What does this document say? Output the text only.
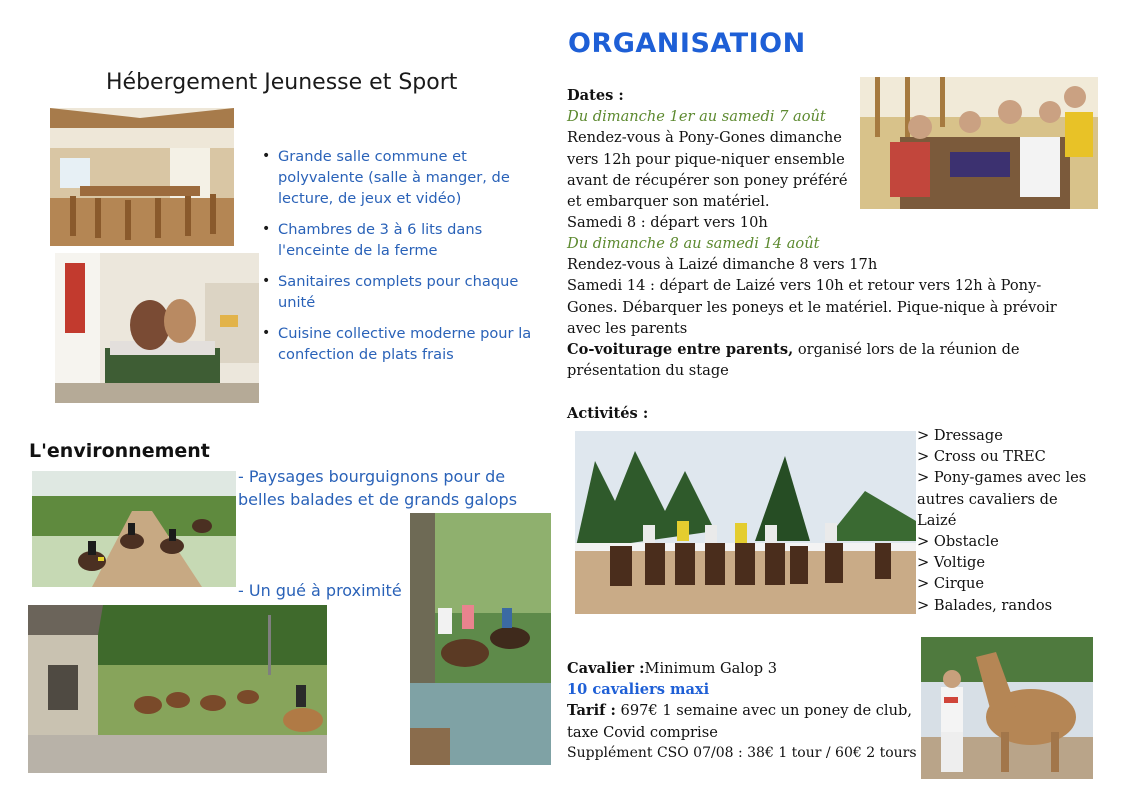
Hébergement Jeunesse et Sport
• Grande salle commune et polyvalente (salle à manger, de lecture, de jeux et vidéo)
• Chambres de 3 à 6 lits dans l'enceinte de la ferme
• Sanitaires complets pour chaque unité
• Cuisine collective moderne pour la confection de plats frais
L'environnement
- Paysages bourguignons pour de
belles balades et de grands galops
- Un gué à proximité
ORGANISATION
Dates :
Du dimanche 1er au samedi 7 août
Rendez-vous à Pony-Gones dimanche
vers 12h pour pique-niquer ensemble
avant de récupérer son poney préféré
et embarquer son matériel.
Samedi 8 : départ vers 10h
Du dimanche 8 au samedi 14 août
Rendez-vous à Laizé dimanche 8 vers 17h
Samedi 14 : départ de Laizé vers 10h et retour vers 12h à Pony-
Gones. Débarquer les poneys et le matériel. Pique-nique à prévoir
avec les parents
Co-voiturage entre parents, organisé lors de la réunion de
présentation du stage
Activités :
> Dressage
> Cross ou TREC
> Pony-games avec les
autres cavaliers de
Laizé
> Obstacle
> Voltige
> Cirque
> Balades, randos
Cavalier :Minimum Galop 3
10 cavaliers maxi
Tarif : 697€ 1 semaine avec un poney de club,
taxe Covid comprise
Supplément CSO 07/08 : 38€ 1 tour / 60€ 2 tours
